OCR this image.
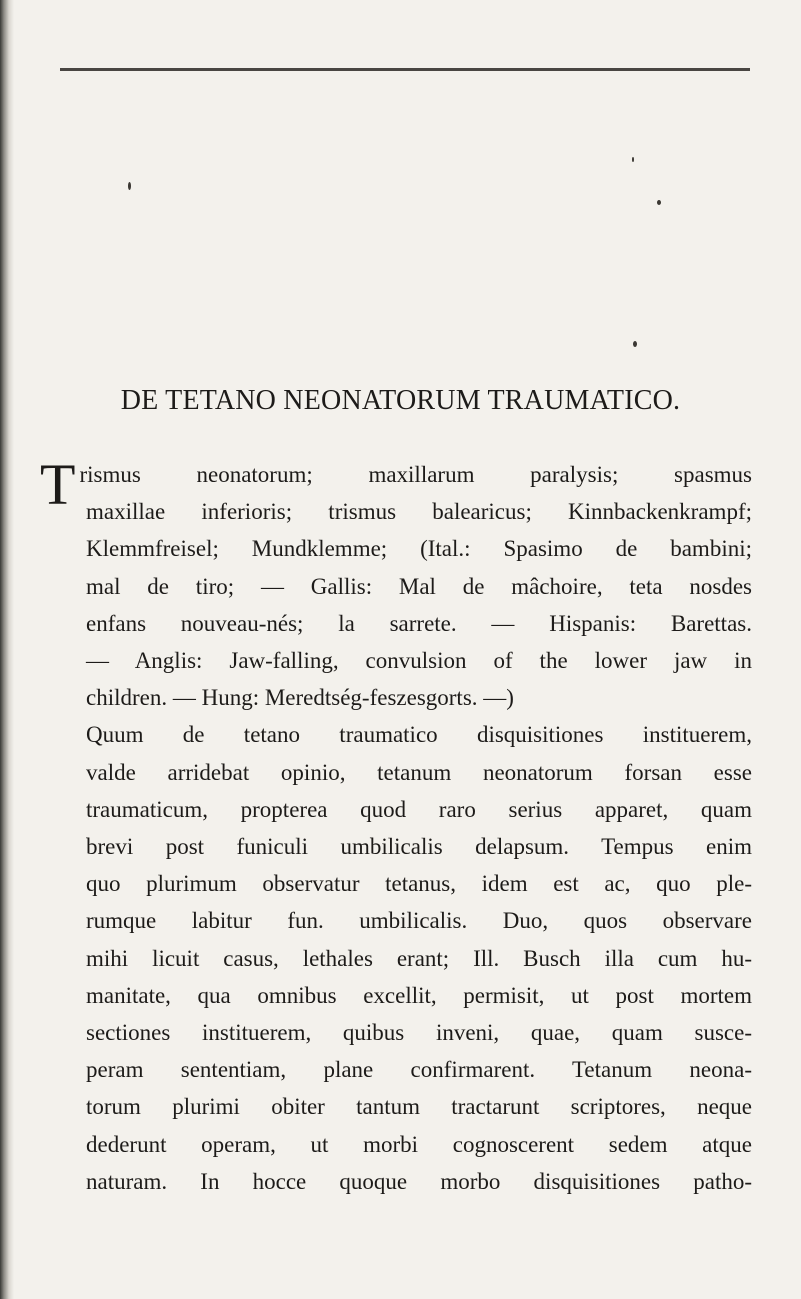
DE TETANO NEONATORUM TRAUMATICO.
T rismus neonatorum; maxillarum paralysis; spasmus
maxillae inferioris; trismus balearicus; Kinnbackenkrampf;
Klemmfreisel; Mundklemme; (Ital.: Spasimo de bambini;
mal de tiro; — Gallis: Mal de mâchoire, teta nosdes
enfans nouveau-nés; la sarrete. — Hispanis: Barettas.
— Anglis: Jaw-falling, convulsion of the lower jaw in
children. — Hung: Meredtség-feszesgorts. —)
Quum de tetano traumatico disquisitiones instituerem,
valde arridebat opinio, tetanum neonatorum forsan esse
traumaticum, propterea quod raro serius apparet, quam
brevi post funiculi umbilicalis delapsum. Tempus enim
quo plurimum observatur tetanus, idem est ac, quo ple-
rumque labitur fun. umbilicalis. Duo, quos observare
mihi licuit casus, lethales erant; Ill. Busch illa cum hu-
manitate, qua omnibus excellit, permisit, ut post mortem
sectiones instituerem, quibus inveni, quae, quam susce-
peram sententiam, plane confirmarent. Tetanum neona-
torum plurimi obiter tantum tractarunt scriptores, neque
dederunt operam, ut morbi cognoscerent sedem atque
naturam. In hocce quoque morbo disquisitiones patho-
